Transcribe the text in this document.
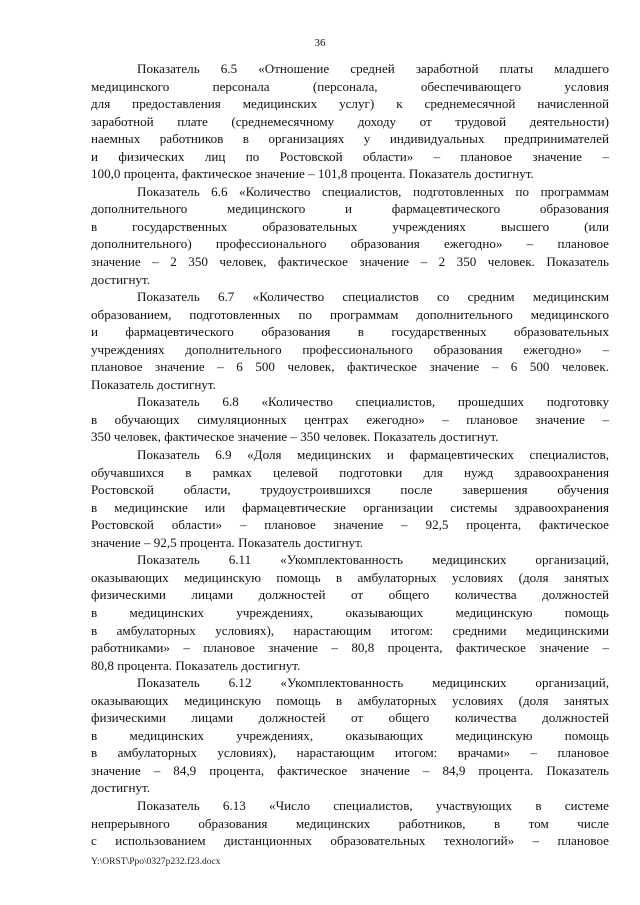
36
Показатель 6.5 «Отношение средней заработной платы младшего
медицинского персонала (персонала, обеспечивающего условия
для предоставления медицинских услуг) к среднемесячной начисленной
заработной плате (среднемесячному доходу от трудовой деятельности)
наемных работников в организациях у индивидуальных предпринимателей
и физических лиц по Ростовской области» – плановое значение –
100,0 процента, фактическое значение – 101,8 процента. Показатель достигнут.
Показатель 6.6 «Количество специалистов, подготовленных по программам
дополнительного медицинского и фармацевтического образования
в государственных образовательных учреждениях высшего (или
дополнительного) профессионального образования ежегодно» – плановое
значение – 2 350 человек, фактическое значение – 2 350 человек. Показатель
достигнут.
Показатель 6.7 «Количество специалистов со средним медицинским
образованием, подготовленных по программам дополнительного медицинского
и фармацевтического образования в государственных образовательных
учреждениях дополнительного профессионального образования ежегодно» –
плановое значение – 6 500 человек, фактическое значение – 6 500 человек.
Показатель достигнут.
Показатель 6.8 «Количество специалистов, прошедших подготовку
в обучающих симуляционных центрах ежегодно» – плановое значение –
350 человек, фактическое значение – 350 человек. Показатель достигнут.
Показатель 6.9 «Доля медицинских и фармацевтических специалистов,
обучавшихся в рамках целевой подготовки для нужд здравоохранения
Ростовской области, трудоустроившихся после завершения обучения
в медицинские или фармацевтические организации системы здравоохранения
Ростовской области» – плановое значение – 92,5 процента, фактическое
значение – 92,5 процента. Показатель достигнут.
Показатель 6.11 «Укомплектованность медицинских организаций,
оказывающих медицинскую помощь в амбулаторных условиях (доля занятых
физическими лицами должностей от общего количества должностей
в медицинских учреждениях, оказывающих медицинскую помощь
в амбулаторных условиях), нарастающим итогом: средними медицинскими
работниками» – плановое значение – 80,8 процента, фактическое значение –
80,8 процента. Показатель достигнут.
Показатель 6.12 «Укомплектованность медицинских организаций,
оказывающих медицинскую помощь в амбулаторных условиях (доля занятых
физическими лицами должностей от общего количества должностей
в медицинских учреждениях, оказывающих медицинскую помощь
в амбулаторных условиях), нарастающим итогом: врачами» – плановое
значение – 84,9 процента, фактическое значение – 84,9 процента. Показатель
достигнут.
Показатель 6.13 «Число специалистов, участвующих в системе
непрерывного образования медицинских работников, в том числе
с использованием дистанционных образовательных технологий» – плановое
Y:\ORST\Ppo\0327p232.f23.docx
